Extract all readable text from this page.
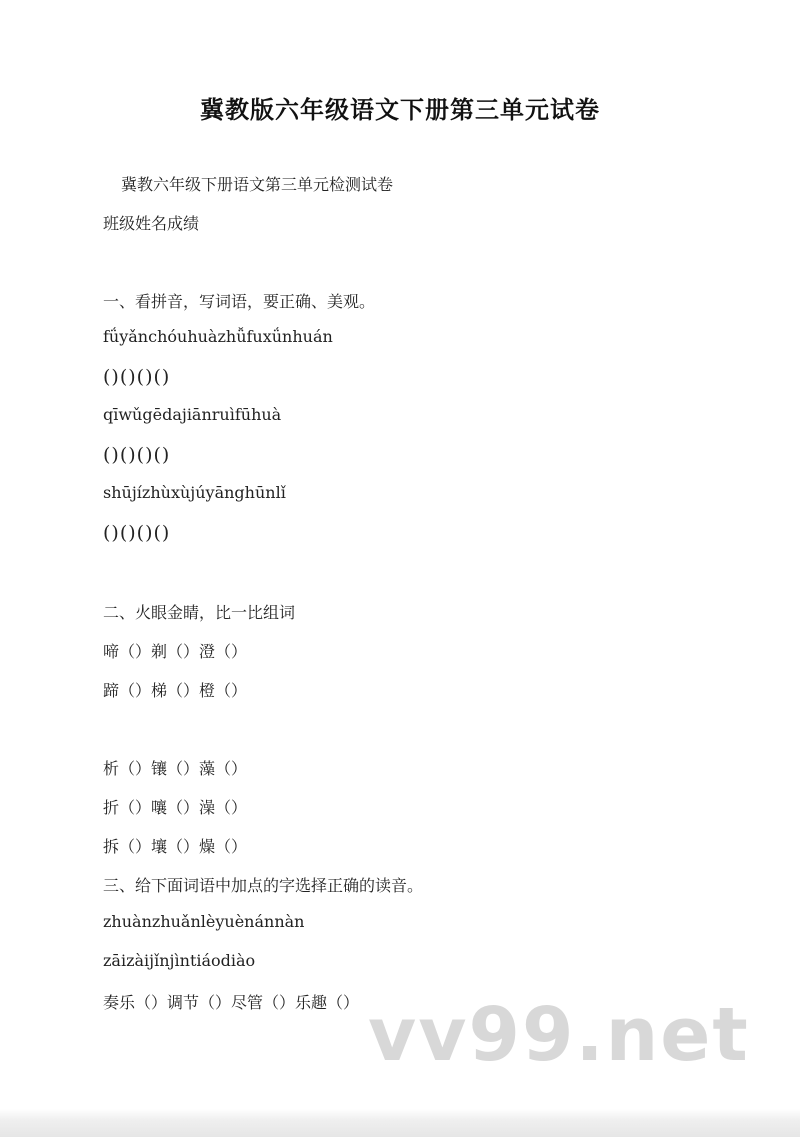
冀教版六年级语文下册第三单元试卷
冀教六年级下册语文第三单元检测试卷
班级姓名成绩
一、看拼音，写词语，要正确、美观。
fǘyǎnchóuhuàzhǚfuxǘnhuán
()()()()
qīwǔgēdajiānruìfūhuà
()()()()
shūjízhùxùjúyānghūnlǐ
()()()()
二、火眼金睛，比一比组词
啼（）剃（）澄（）
蹄（）梯（）橙（）
析（）镶（）藻（）
折（）嚷（）澡（）
拆（）壤（）燥（）
三、给下面词语中加点的字选择正确的读音。
zhuànzhuǎnlèyuènánnàn
zāizàijǐnjìntiáodiào
奏乐（）调节（）尽管（）乐趣（） vv99.net
